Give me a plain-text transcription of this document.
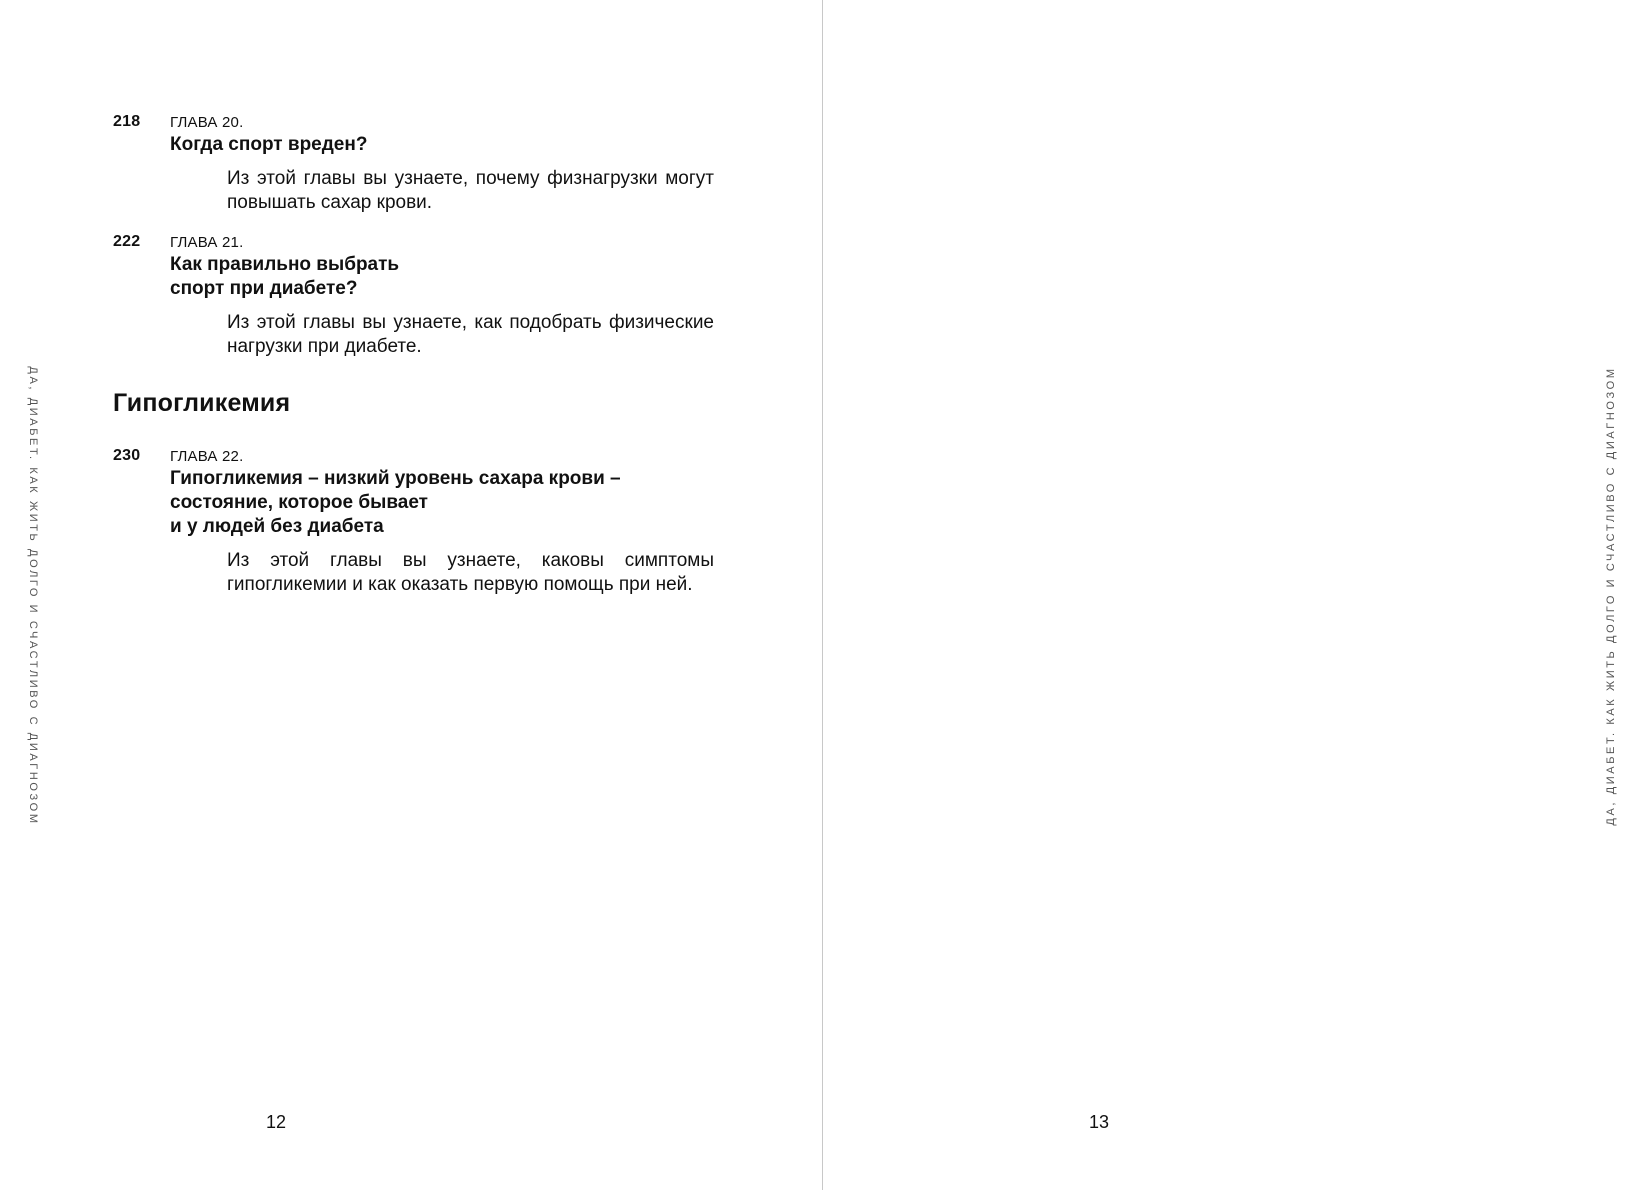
ДА, ДИАБЕТ. КАК ЖИТЬ ДОЛГО И СЧАСТЛИВО С ДИАГНОЗОМ
218 ГЛАВА 20.
Когда спорт вреден?
Из этой главы вы узнаете, почему физнагрузки могут повышать сахар крови.
222 ГЛАВА 21.
Как правильно выбрать
спорт при диабете?
Из этой главы вы узнаете, как подобрать физические нагрузки при диабете.
Гипогликемия
230 ГЛАВА 22.
Гипогликемия – низкий уровень сахара крови –
состояние, которое бывает
и у людей без диабета
Из этой главы вы узнаете, каковы симптомы гипогликемии и как оказать первую помощь при ней.
12	13
ДА, ДИАБЕТ. КАК ЖИТЬ ДОЛГО И СЧАСТЛИВО С ДИАГНОЗОМ
